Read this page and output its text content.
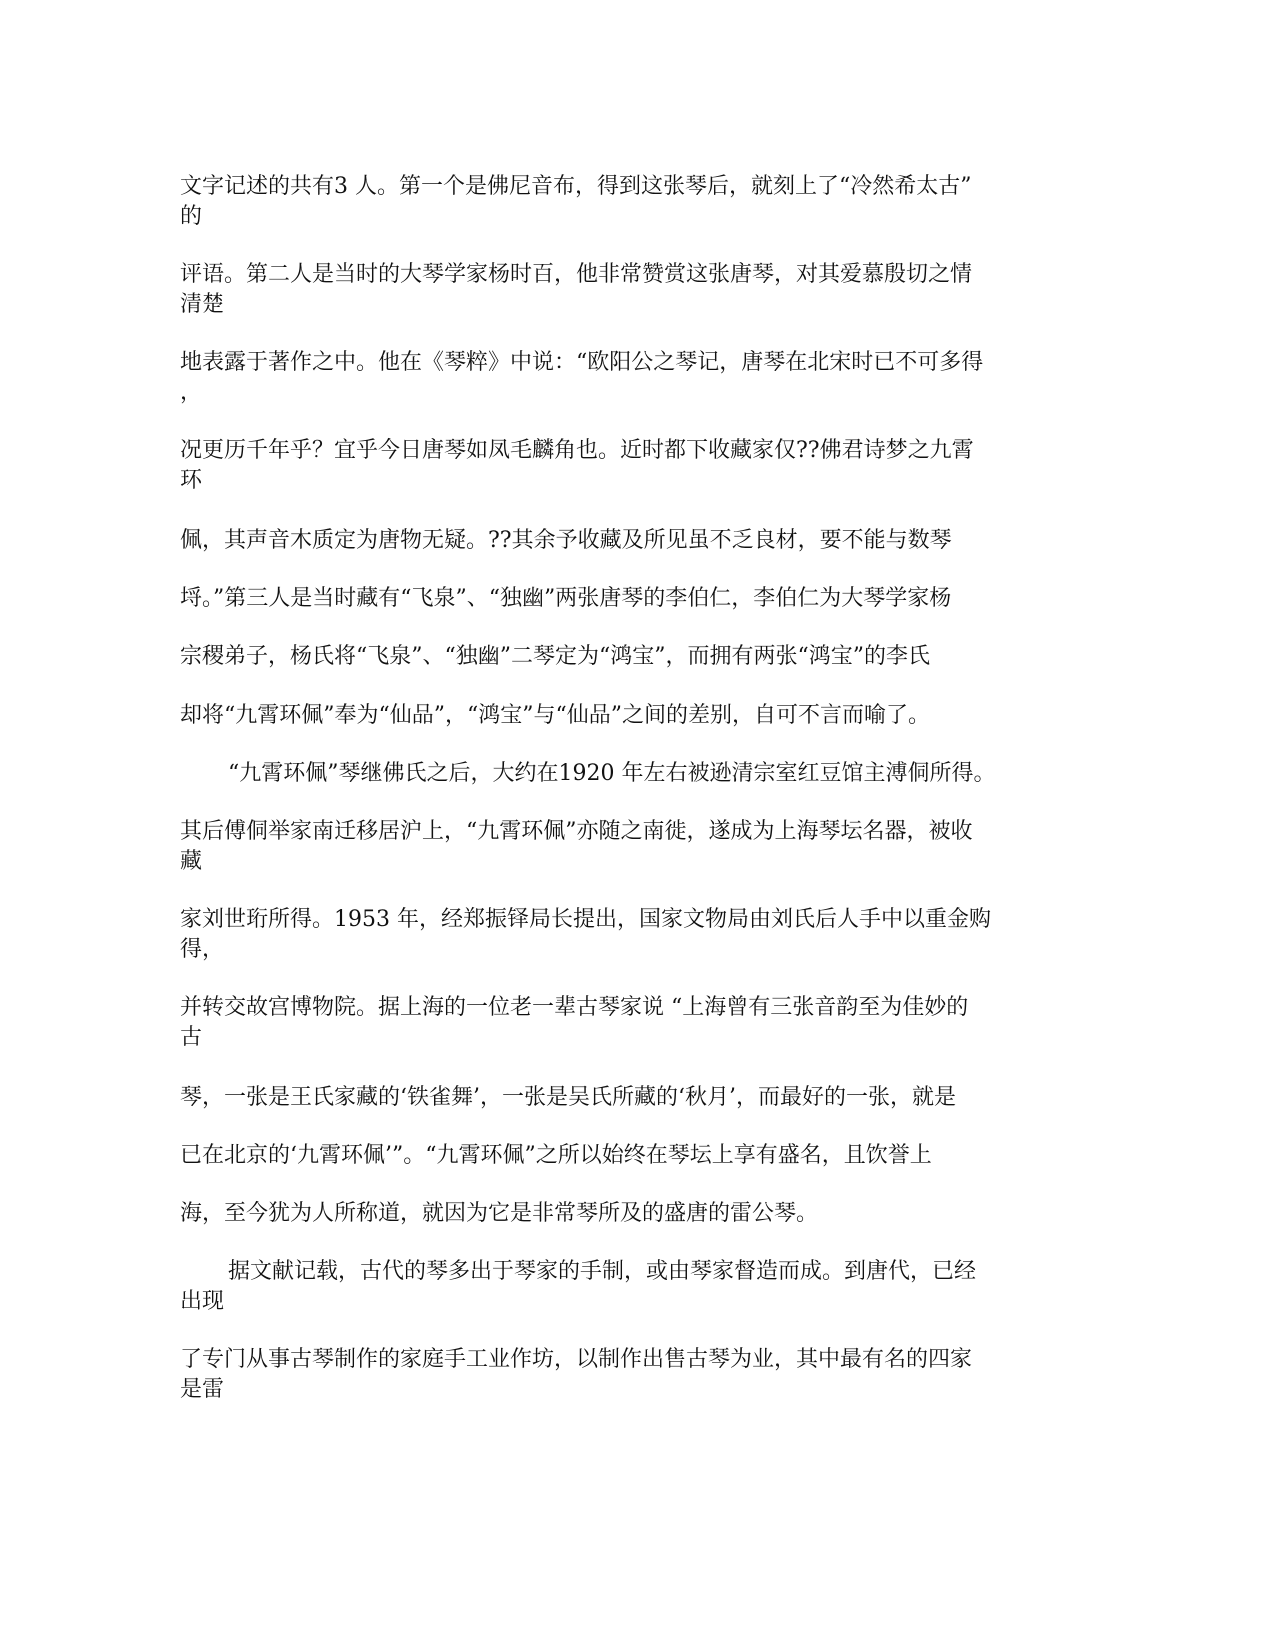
文字记述的共有3 人。第一个是佛尼音布，得到这张琴后，就刻上了“冷然希太古”
的
评语。第二人是当时的大琴学家杨时百，他非常赞赏这张唐琴，对其爱慕殷切之情
清楚
地表露于著作之中。他在《琴粹》中说：“欧阳公之琴记，唐琴在北宋时已不可多得
，
况更历千年乎？宜乎今日唐琴如凤毛麟角也。近时都下收藏家仅??佛君诗梦之九霄
环
佩，其声音木质定为唐物无疑。??其余予收藏及所见虽不乏良材，要不能与数琴
埒。”第三人是当时藏有“飞泉”、“独幽”两张唐琴的李伯仁，李伯仁为大琴学家杨
宗稷弟子，杨氏将“飞泉”、“独幽”二琴定为“鸿宝”，而拥有两张“鸿宝”的李氏
却将“九霄环佩”奉为“仙品”，“鸿宝”与“仙品”之间的差别，自可不言而喻了。
“九霄环佩”琴继佛氏之后，大约在1920 年左右被逊清宗室红豆馆主溥侗所得。
其后傅侗举家南迁移居沪上，“九霄环佩”亦随之南徙，遂成为上海琴坛名器，被收
藏
家刘世珩所得。1953 年，经郑振铎局长提出，国家文物局由刘氏后人手中以重金购
得，
并转交故宫博物院。据上海的一位老一辈古琴家说 “上海曾有三张音韵至为佳妙的
古
琴，一张是王氏家藏的‘铁雀舞’，一张是吴氏所藏的‘秋月’，而最好的一张，就是
已在北京的‘九霄环佩’”。“九霄环佩”之所以始终在琴坛上享有盛名，且饮誉上
海，至今犹为人所称道，就因为它是非常琴所及的盛唐的雷公琴。
据文献记载，古代的琴多出于琴家的手制，或由琴家督造而成。到唐代，已经
出现
了专门从事古琴制作的家庭手工业作坊，以制作出售古琴为业，其中最有名的四家
是雷
